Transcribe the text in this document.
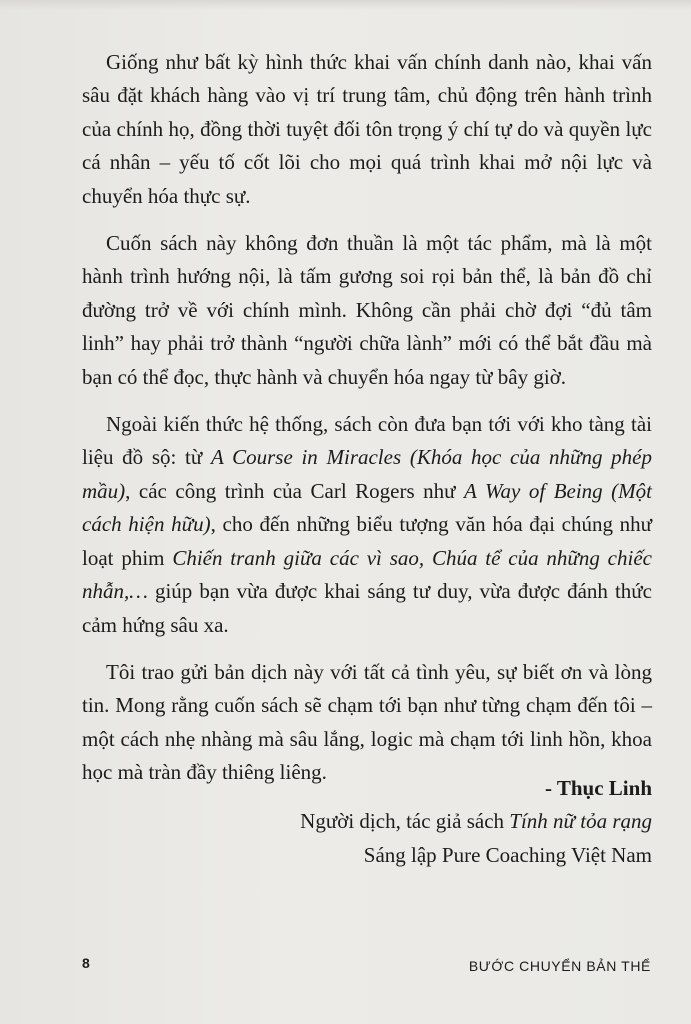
Giống như bất kỳ hình thức khai vấn chính danh nào, khai vấn sâu đặt khách hàng vào vị trí trung tâm, chủ động trên hành trình của chính họ, đồng thời tuyệt đối tôn trọng ý chí tự do và quyền lực cá nhân – yếu tố cốt lõi cho mọi quá trình khai mở nội lực và chuyển hóa thực sự.

Cuốn sách này không đơn thuần là một tác phẩm, mà là một hành trình hướng nội, là tấm gương soi rọi bản thể, là bản đồ chỉ đường trở về với chính mình. Không cần phải chờ đợi “đủ tâm linh” hay phải trở thành “người chữa lành” mới có thể bắt đầu mà bạn có thể đọc, thực hành và chuyển hóa ngay từ bây giờ.

Ngoài kiến thức hệ thống, sách còn đưa bạn tới với kho tàng tài liệu đồ sộ: từ A Course in Miracles (Khóa học của những phép mầu), các công trình của Carl Rogers như A Way of Being (Một cách hiện hữu), cho đến những biểu tượng văn hóa đại chúng như loạt phim Chiến tranh giữa các vì sao, Chúa tể của những chiếc nhẫn,… giúp bạn vừa được khai sáng tư duy, vừa được đánh thức cảm hứng sâu xa.

Tôi trao gửi bản dịch này với tất cả tình yêu, sự biết ơn và lòng tin. Mong rằng cuốn sách sẽ chạm tới bạn như từng chạm đến tôi – một cách nhẹ nhàng mà sâu lắng, logic mà chạm tới linh hồn, khoa học mà tràn đầy thiêng liêng.

- Thục Linh
Người dịch, tác giả sách Tính nữ tỏa rạng
Sáng lập Pure Coaching Việt Nam
8	BƯỚC CHUYỂN BẢN THỂ
